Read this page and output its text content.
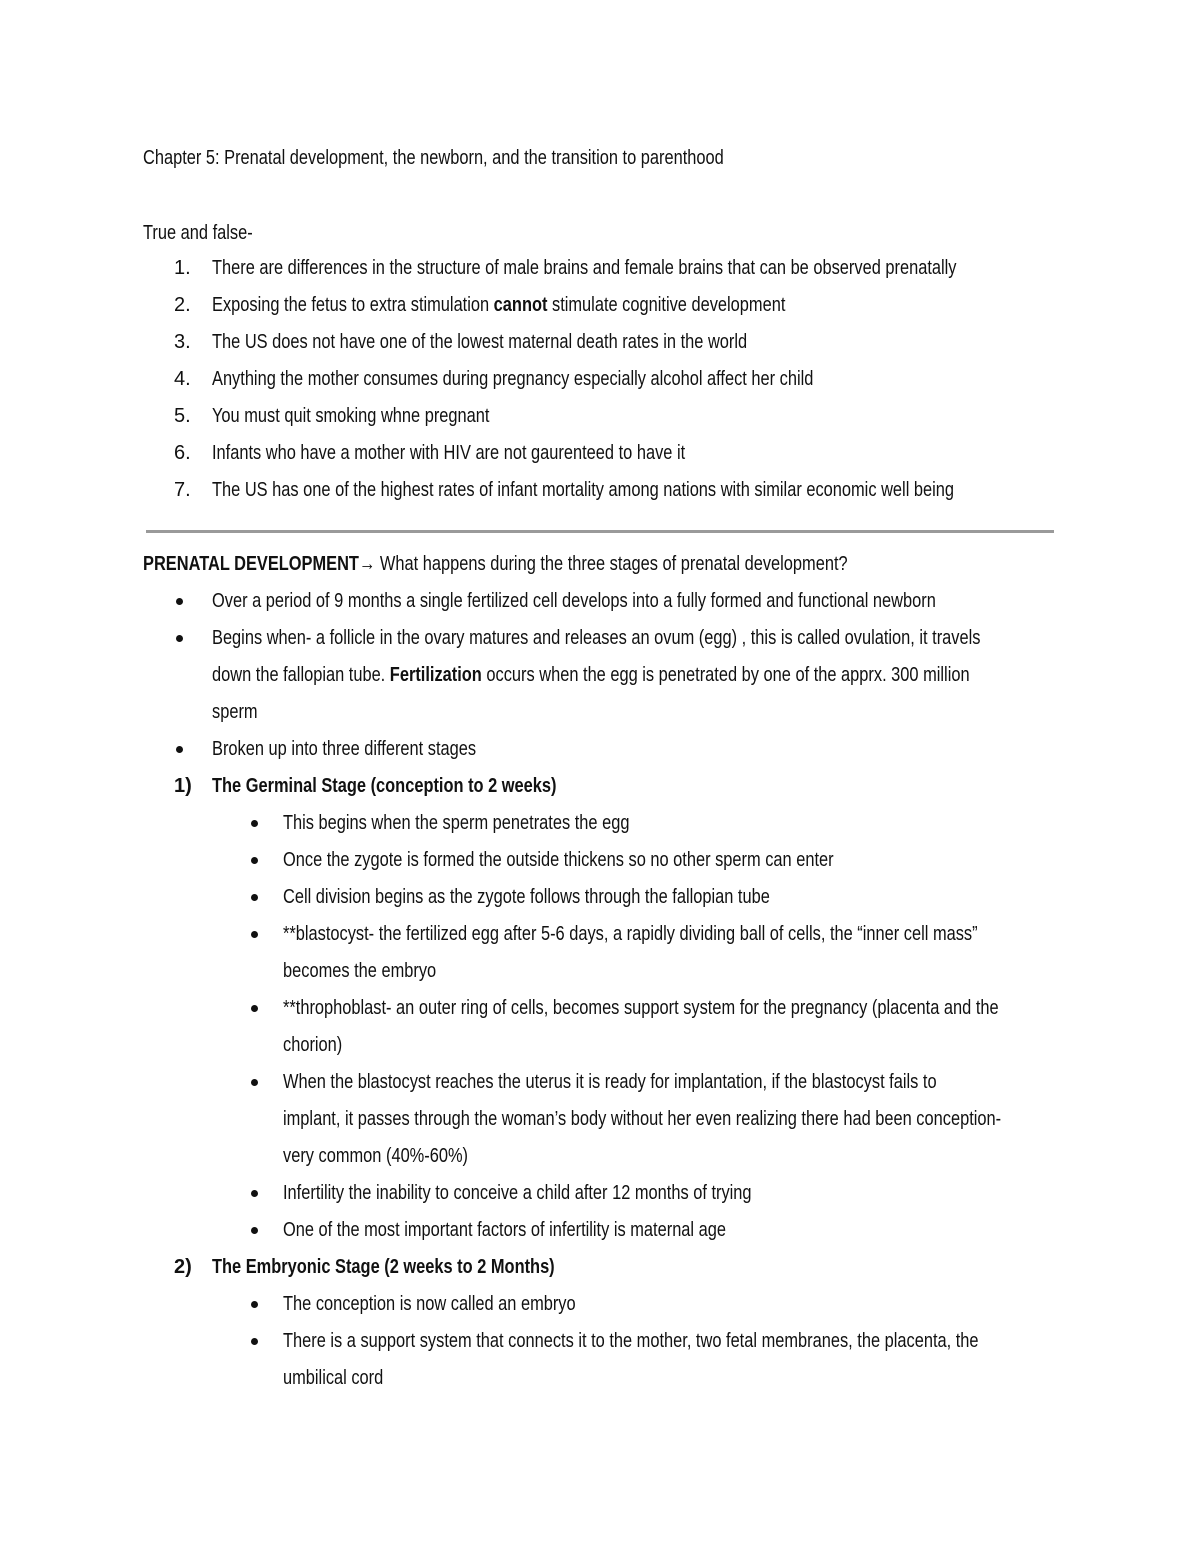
Chapter 5: Prenatal development, the newborn, and the transition to parenthood
True and false-
1. There are differences in the structure of male brains and female brains that can be observed prenatally
2. Exposing the fetus to extra stimulation cannot stimulate cognitive development
3. The US does not have one of the lowest maternal death rates in the world
4. Anything the mother consumes during pregnancy especially alcohol affect her child
5. You must quit smoking whne pregnant
6. Infants who have a mother with HIV are not gaurenteed to have it
7. The US has one of the highest rates of infant mortality among nations with similar economic well being
PRENATAL DEVELOPMENT→ What happens during the three stages of prenatal development?
Over a period of 9 months a single fertilized cell develops into a fully formed and functional newborn
Begins when- a follicle in the ovary matures and releases an ovum (egg) , this is called ovulation, it travels
down the fallopian tube. Fertilization occurs when the egg is penetrated by one of the apprx. 300 million
sperm
Broken up into three different stages
1) The Germinal Stage (conception to 2 weeks)
This begins when the sperm penetrates the egg
Once the zygote is formed the outside thickens so no other sperm can enter
Cell division begins as the zygote follows through the fallopian tube
**blastocyst- the fertilized egg after 5-6 days, a rapidly dividing ball of cells, the “inner cell mass”
becomes the embryo
**throphoblast- an outer ring of cells, becomes support system for the pregnancy (placenta and the
chorion)
When the blastocyst reaches the uterus it is ready for implantation, if the blastocyst fails to
implant, it passes through the woman’s body without her even realizing there had been conception-
very common (40%-60%)
Infertility the inability to conceive a child after 12 months of trying
One of the most important factors of infertility is maternal age
2) The Embryonic Stage (2 weeks to 2 Months)
The conception is now called an embryo
There is a support system that connects it to the mother, two fetal membranes, the placenta, the
umbilical cord
